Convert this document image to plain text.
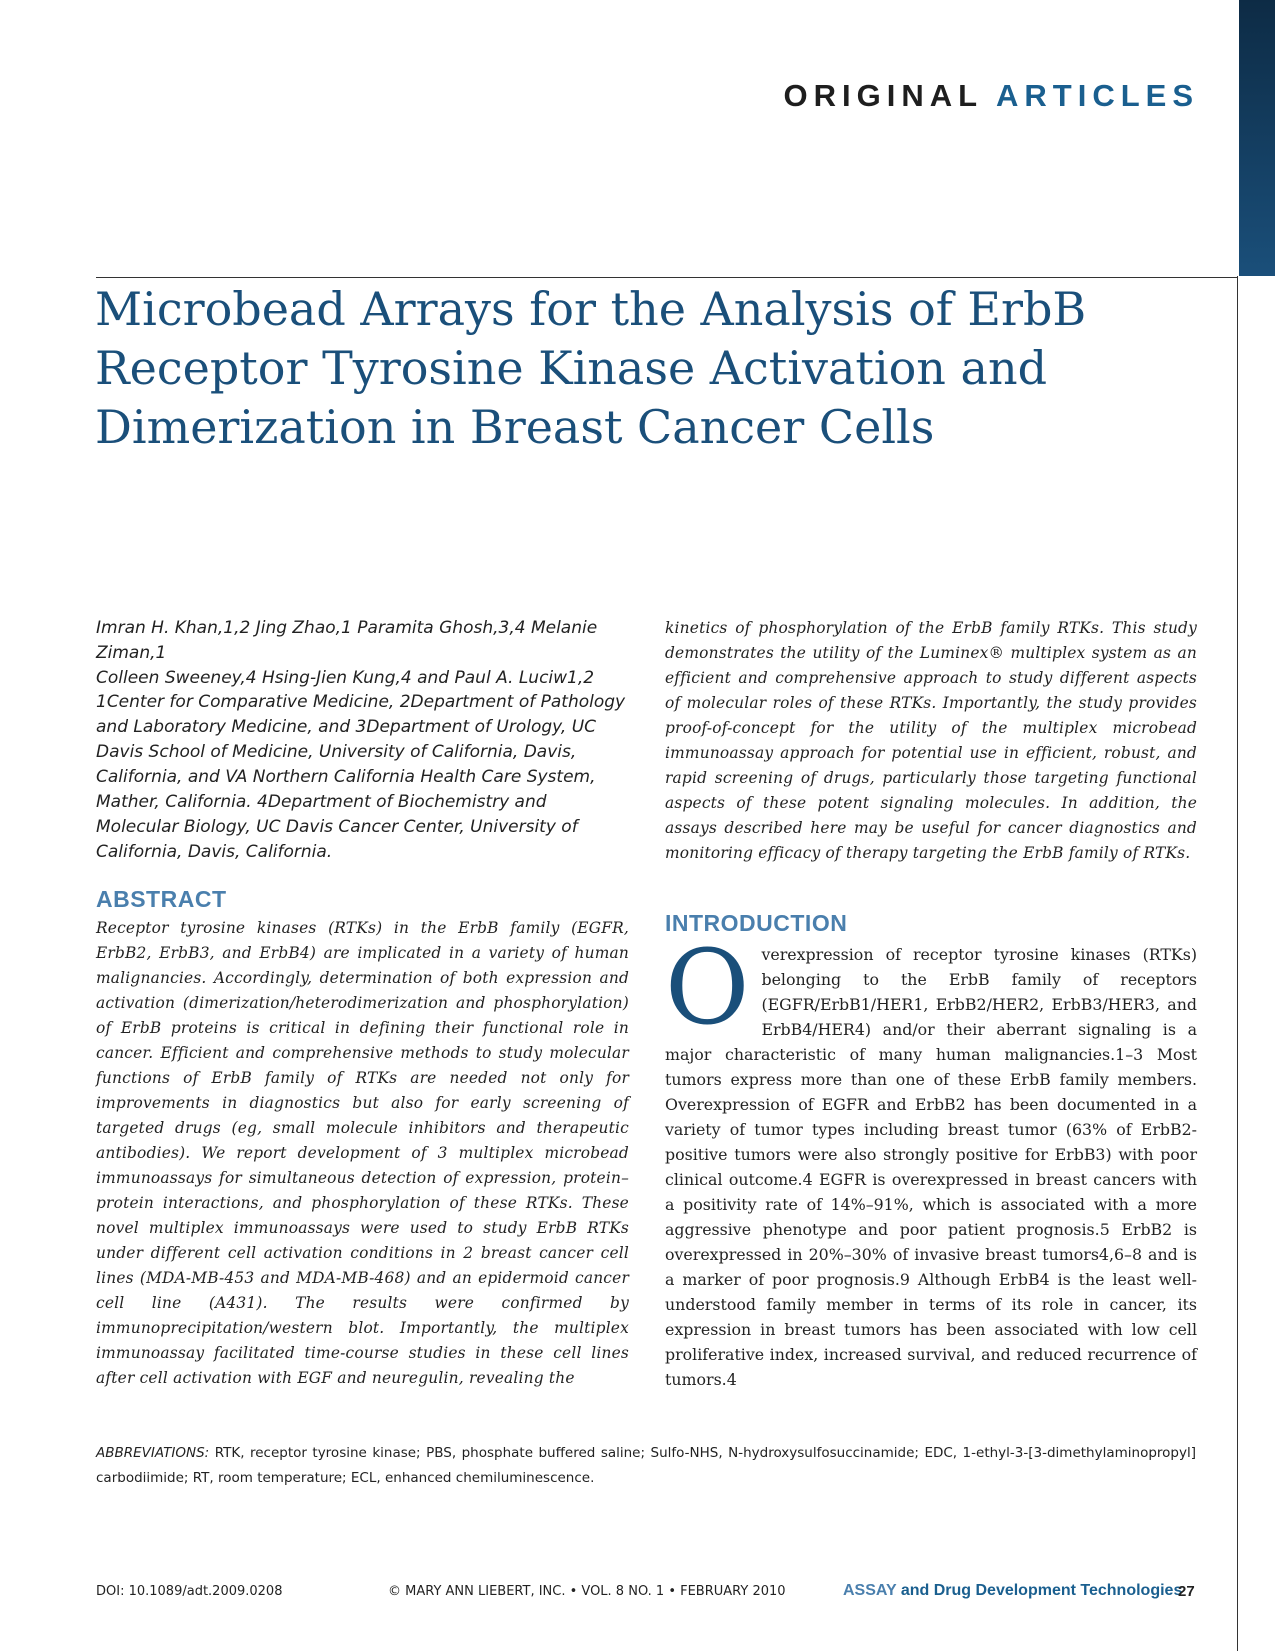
ORIGINAL ARTICLES
Microbead Arrays for the Analysis of ErbB Receptor Tyrosine Kinase Activation and Dimerization in Breast Cancer Cells
Imran H. Khan,1,2 Jing Zhao,1 Paramita Ghosh,3,4 Melanie Ziman,1
Colleen Sweeney,4 Hsing-Jien Kung,4 and Paul A. Luciw1,2
1Center for Comparative Medicine, 2Department of Pathology and Laboratory Medicine, and 3Department of Urology, UC Davis School of Medicine, University of California, Davis, California, and VA Northern California Health Care System, Mather, California. 4Department of Biochemistry and Molecular Biology, UC Davis Cancer Center, University of California, Davis, California.
ABSTRACT
Receptor tyrosine kinases (RTKs) in the ErbB family (EGFR, ErbB2, ErbB3, and ErbB4) are implicated in a variety of human malignancies. Accordingly, determination of both expression and activation (dimerization/heterodimerization and phosphorylation) of ErbB proteins is critical in defining their functional role in cancer. Efficient and comprehensive methods to study molecular functions of ErbB family of RTKs are needed not only for improvements in diagnostics but also for early screening of targeted drugs (eg, small molecule inhibitors and therapeutic antibodies). We report development of 3 multiplex microbead immunoassays for simultaneous detection of expression, protein–protein interactions, and phosphorylation of these RTKs. These novel multiplex immunoassays were used to study ErbB RTKs under different cell activation conditions in 2 breast cancer cell lines (MDA-MB-453 and MDA-MB-468) and an epidermoid cancer cell line (A431). The results were confirmed by immunoprecipitation/western blot. Importantly, the multiplex immunoassay facilitated time-course studies in these cell lines after cell activation with EGF and neuregulin, revealing the
kinetics of phosphorylation of the ErbB family RTKs. This study demonstrates the utility of the Luminex® multiplex system as an efficient and comprehensive approach to study different aspects of molecular roles of these RTKs. Importantly, the study provides proof-of-concept for the utility of the multiplex microbead immunoassay approach for potential use in efficient, robust, and rapid screening of drugs, particularly those targeting functional aspects of these potent signaling molecules. In addition, the assays described here may be useful for cancer diagnostics and monitoring efficacy of therapy targeting the ErbB family of RTKs.
INTRODUCTION
Overexpression of receptor tyrosine kinases (RTKs) belonging to the ErbB family of receptors (EGFR/ErbB1/HER1, ErbB2/HER2, ErbB3/HER3, and ErbB4/HER4) and/or their aberrant signaling is a major characteristic of many human malignancies.1–3 Most tumors express more than one of these ErbB family members. Overexpression of EGFR and ErbB2 has been documented in a variety of tumor types including breast tumor (63% of ErbB2-positive tumors were also strongly positive for ErbB3) with poor clinical outcome.4 EGFR is overexpressed in breast cancers with a positivity rate of 14%–91%, which is associated with a more aggressive phenotype and poor patient prognosis.5 ErbB2 is overexpressed in 20%–30% of invasive breast tumors4,6–8 and is a marker of poor prognosis.9 Although ErbB4 is the least well-understood family member in terms of its role in cancer, its expression in breast tumors has been associated with low cell proliferative index, increased survival, and reduced recurrence of tumors.4
ABBREVIATIONS: RTK, receptor tyrosine kinase; PBS, phosphate buffered saline; Sulfo-NHS, N-hydroxysulfosuccinamide; EDC, 1-ethyl-3-[3-dimethylaminopropyl] carbodiimide; RT, room temperature; ECL, enhanced chemiluminescence.
DOI: 10.1089/adt.2009.0208	© MARY ANN LIEBERT, INC. • VOL. 8 NO. 1 • FEBRUARY 2010	ASSAY and Drug Development Technologies
27
